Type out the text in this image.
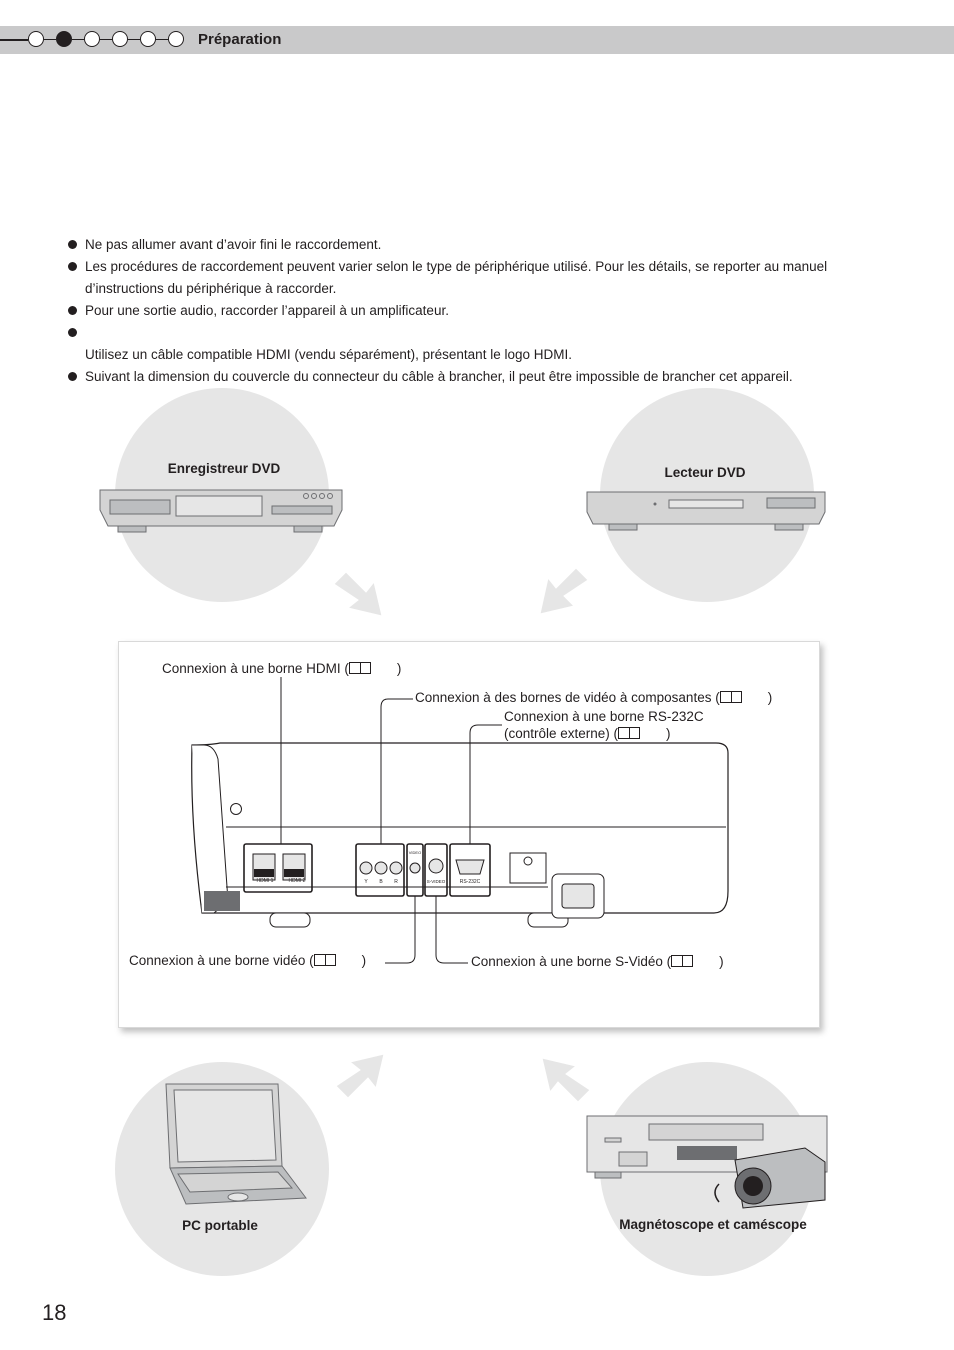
Préparation
Ne pas allumer avant d’avoir fini le raccordement.
Les procédures de raccordement peuvent varier selon le type de périphérique utilisé. Pour les détails, se reporter au manuel d’instructions du périphérique à raccorder.
Pour une sortie audio, raccorder l’appareil à un amplificateur.

Utilisez un câble compatible HDMI (vendu séparément), présentant le logo HDMI.
Suivant la dimension du couvercle du connecteur du câble à brancher, il peut être impossible de brancher cet appareil.
Enregistreur DVD	Lecteur DVD
PC portable	Magnétoscope et caméscope
HDMI 1	HDMI 2	Y	B	R
VIDEO
S-VIDEO	RS-232C
Connexion à une borne HDMI (	)
Connexion à des bornes de vidéo à composantes (	)
Connexion à une borne RS-232C
(contrôle externe) (	)
Connexion à une borne vidéo (	)	Connexion à une borne S-Vidéo (	)
18
